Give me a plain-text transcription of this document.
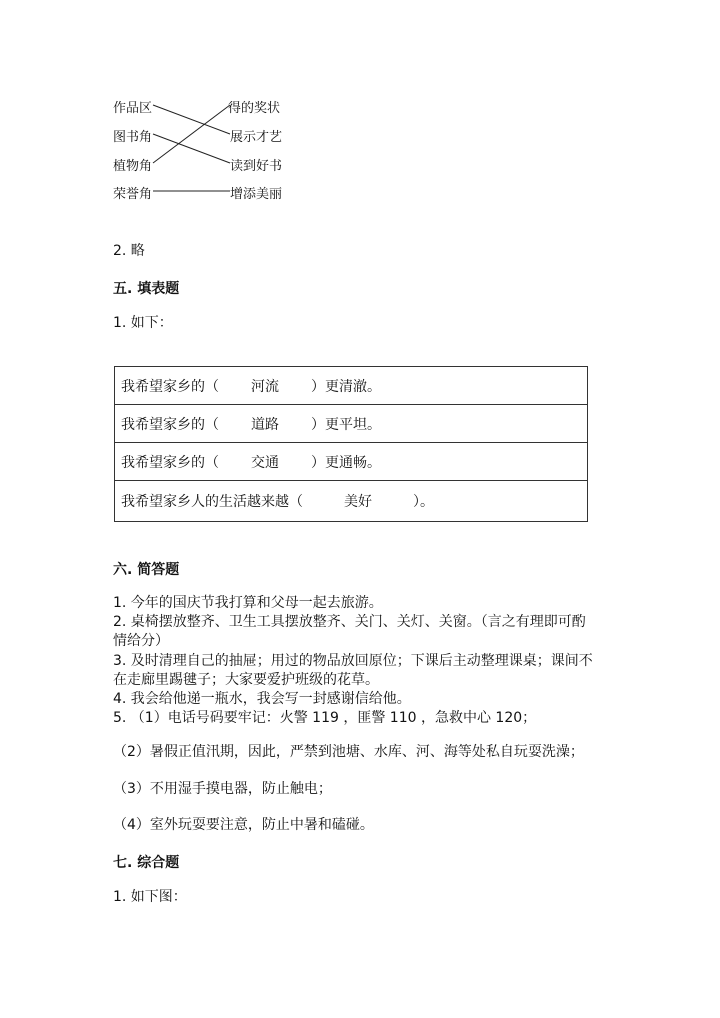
作品区
图书角
植物角
荣誉角
得的奖状
展示才艺
读到好书
增添美丽
2. 略
五. 填表题
1. 如下：
我希望家乡的（ 河流 ）更清澈。
我希望家乡的（ 道路 ）更平坦。
我希望家乡的（ 交通 ）更通畅。
我希望家乡人的生活越来越（	美好	）。
六. 简答题
1. 今年的国庆节我打算和父母一起去旅游。
2. 桌椅摆放整齐、卫生工具摆放整齐、关门、关灯、关窗。（言之有理即可酌
情给分）
3. 及时清理自己的抽屉；用过的物品放回原位；下课后主动整理课桌；课间不
在走廊里踢毽子；大家要爱护班级的花草。
4. 我会给他递一瓶水，我会写一封感谢信给他。
5. （1）电话号码要牢记：火警 119 ，匪警 110 ，急救中心 120；
（2）暑假正值汛期，因此，严禁到池塘、水库、河、海等处私自玩耍洗澡；
（3）不用湿手摸电器，防止触电；
（4）室外玩耍要注意，防止中暑和磕碰。
七. 综合题
1. 如下图：
